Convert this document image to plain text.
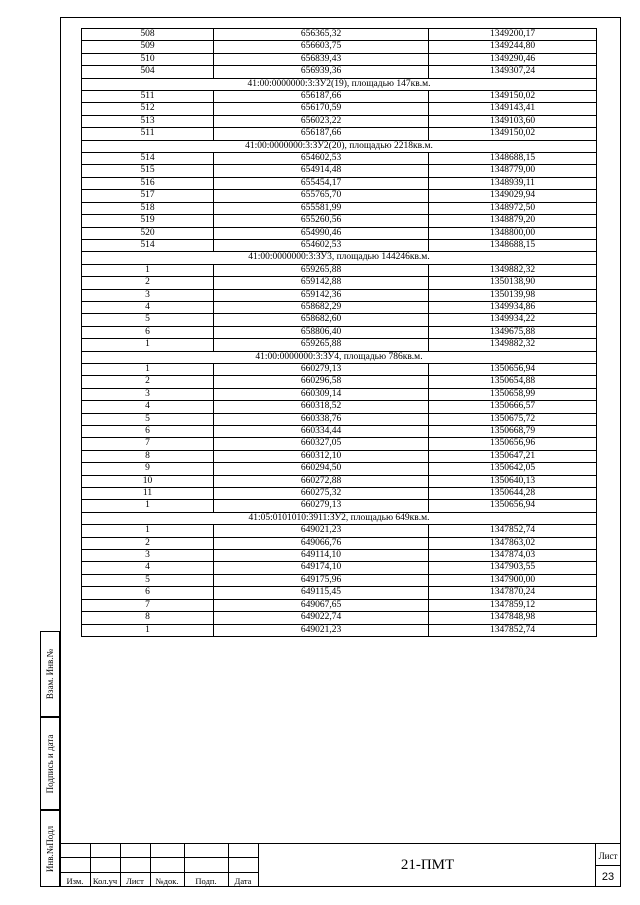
508	656365,32	1349200,17
509	656603,75	1349244,80
510	656839,43	1349290,46
504	656939,36	1349307,24
41:00:0000000:3:ЗУ2(19), площадью 147кв.м.		
511	656187,66	1349150,02
512	656170,59	1349143,41
513	656023,22	1349103,60
511	656187,66	1349150,02
41:00:0000000:3:ЗУ2(20), площадью 2218кв.м.		
514	654602,53	1348688,15
515	654914,48	1348779,00
516	655454,17	1348939,11
517	655765,70	1349029,94
518	655581,99	1348972,50
519	655260,56	1348879,20
520	654990,46	1348800,00
514	654602,53	1348688,15
41:00:0000000:3:ЗУ3, площадью 144246кв.м.		
1	659265,88	1349882,32
2	659142,88	1350138,90
3	659142,36	1350139,98
4	658682,29	1349934,86
5	658682,60	1349934,22
6	658806,40	1349675,88
1	659265,88	1349882,32
41:00:0000000:3:ЗУ4, площадью 786кв.м.		
1	660279,13	1350656,94
2	660296,58	1350654,88
3	660309,14	1350658,99
4	660318,52	1350666,57
5	660338,76	1350675,72
6	660334,44	1350668,79
7	660327,05	1350656,96
8	660312,10	1350647,21
9	660294,50	1350642,05
10	660272,88	1350640,13
11	660275,32	1350644,28
1	660279,13	1350656,94
41:05:0101010:3911:ЗУ2, площадью 649кв.м.		
1	649021,23	1347852,74
2	649066,76	1347863,02
3	649114,10	1347874,03
4	649174,10	1347903,55
5	649175,96	1347900,00
6	649115,45	1347870,24
7	649067,65	1347859,12
8	649022,74	1347848,98
1	649021,23	1347852,74
Взам. Инв.№
Подпись и дата
Инв.№Подл
Изм.	Кол.уч	Лист	№док.	Подп.	Дата
21-ПМТ
Лист
23
